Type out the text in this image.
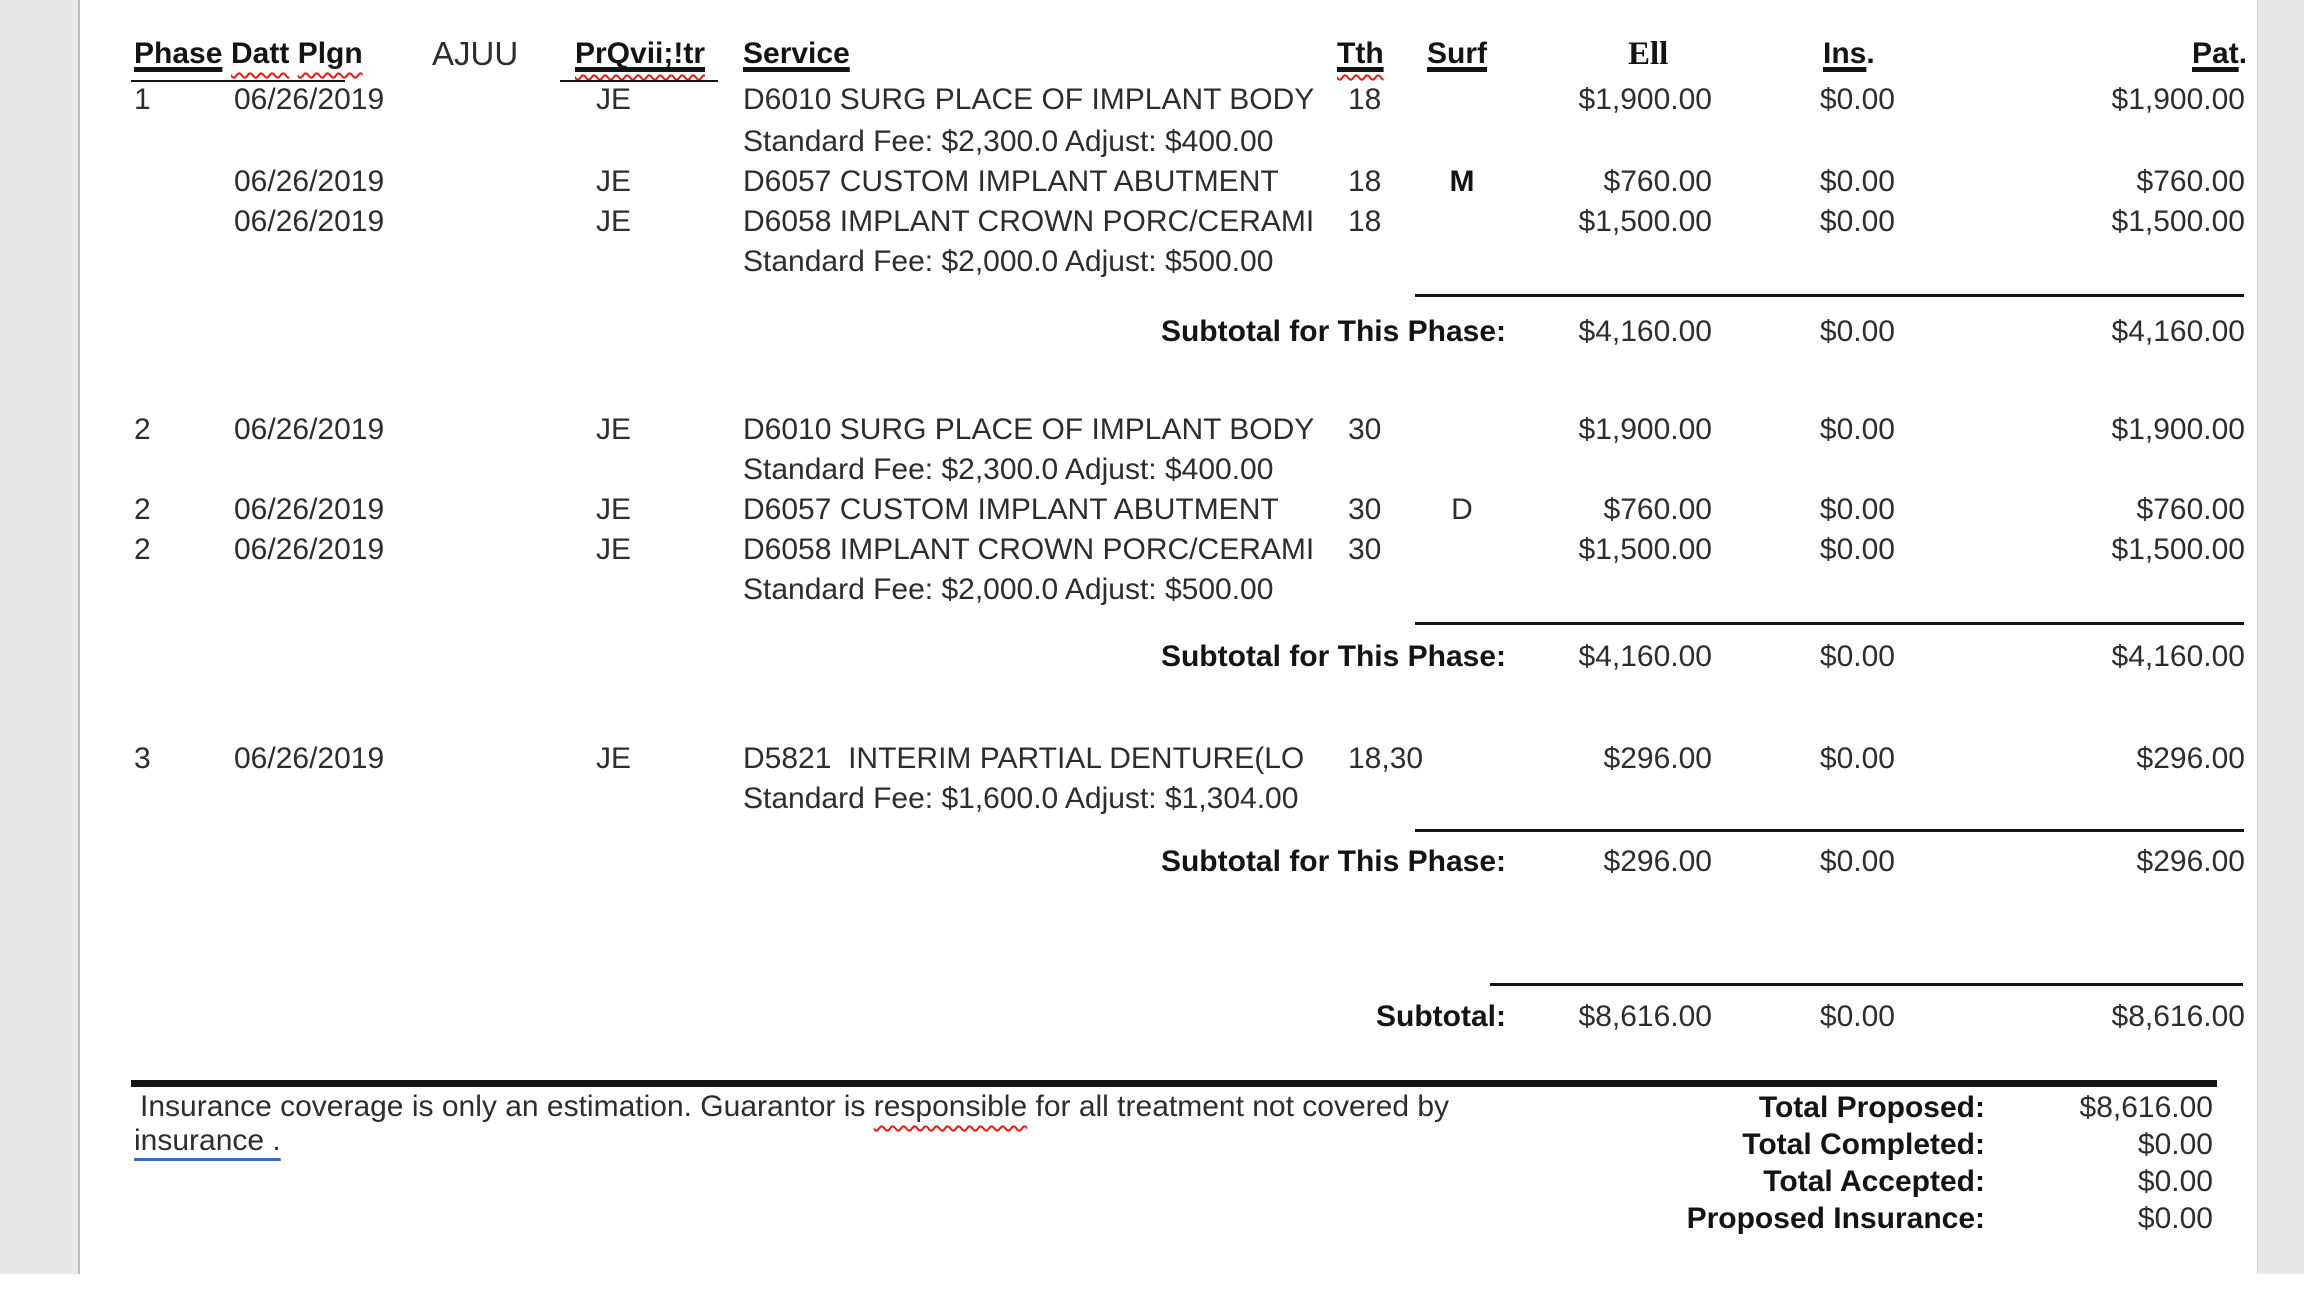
Phase Datt Plgn AJUU PrQvii;!tr Service	Tth Surf	Ell	Ins.	Pat.
1	06/26/2019	JE	D6010 SURG PLACE OF IMPLANT BODY 18	$1,900.00	$0.00	$1,900.00
Standard Fee: $2,300.0 Adjust: $400.00
06/26/2019	JE	D6057 CUSTOM IMPLANT ABUTMENT 18	M	$760.00	$0.00	$760.00
06/26/2019	JE	D6058 IMPLANT CROWN PORC/CERAMI 18	$1,500.00	$0.00	$1,500.00
Standard Fee: $2,000.0 Adjust: $500.00
Subtotal for This Phase:	$4,160.00	$0.00	$4,160.00
2	06/26/2019	JE	D6010 SURG PLACE OF IMPLANT BODY 30	$1,900.00	$0.00	$1,900.00
Standard Fee: $2,300.0 Adjust: $400.00
2	06/26/2019	JE	D6057 CUSTOM IMPLANT ABUTMENT 30	D	$760.00	$0.00	$760.00
2	06/26/2019	JE	D6058 IMPLANT CROWN PORC/CERAMI 30	$1,500.00	$0.00	$1,500.00
Standard Fee: $2,000.0 Adjust: $500.00
Subtotal for This Phase:	$4,160.00	$0.00	$4,160.00
3	06/26/2019	JE	D5821  INTERIM PARTIAL DENTURE(LO 18,30	$296.00	$0.00	$296.00
Standard Fee: $1,600.0 Adjust: $1,304.00
Subtotal for This Phase:	$296.00	$0.00	$296.00
Subtotal:	$8,616.00	$0.00	$8,616.00
Insurance coverage is only an estimation. Guarantor is responsible for all treatment not covered by
insurance .
Total Proposed:	$8,616.00
Total Completed:	$0.00
Total Accepted:	$0.00
Proposed Insurance:	$0.00
